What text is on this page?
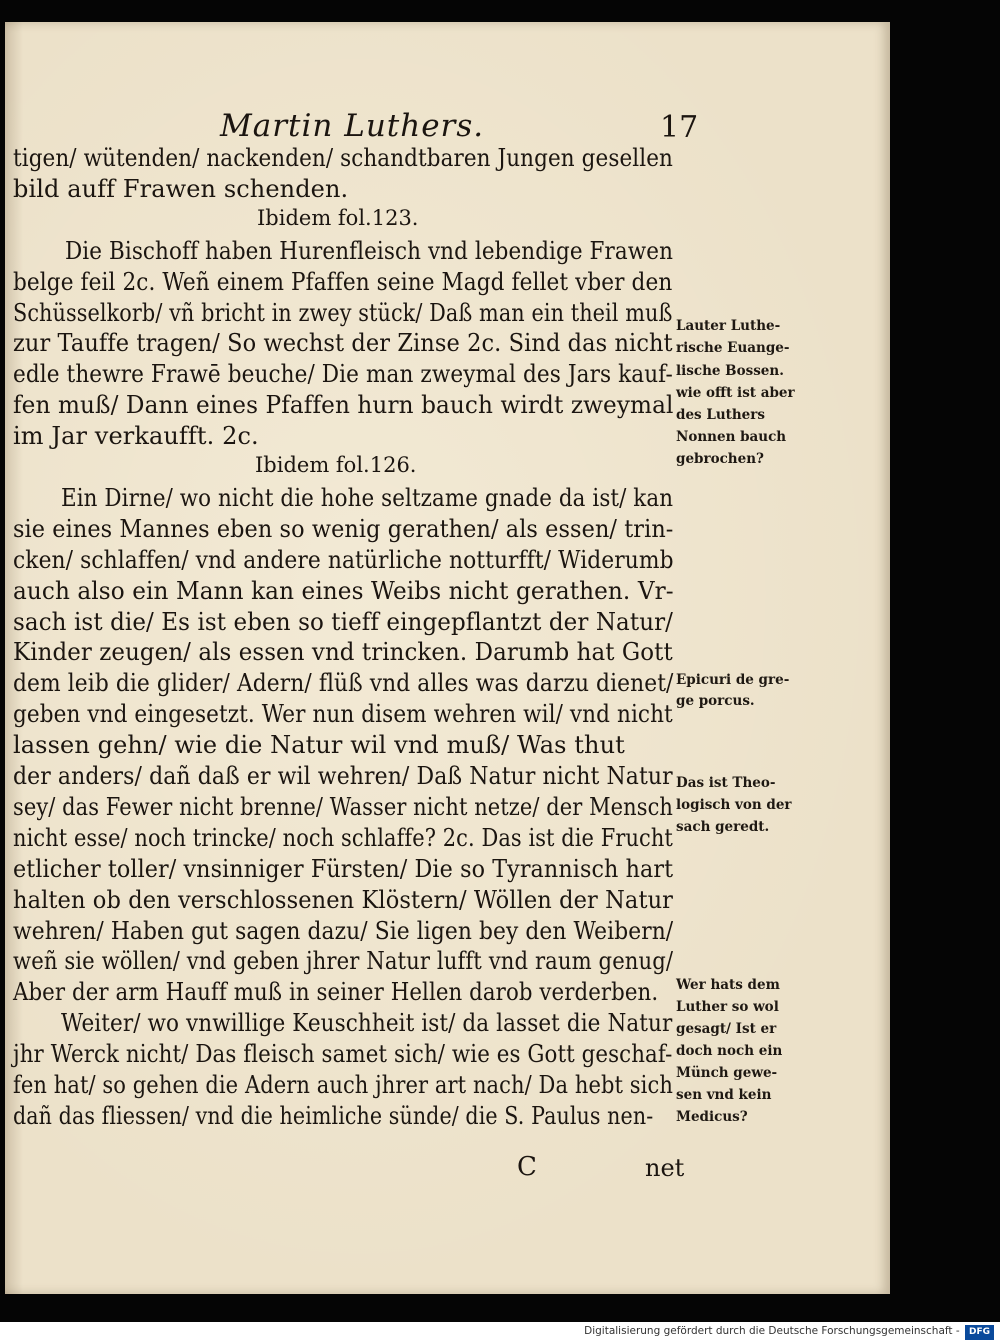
Martin Luthers.	17
tigen/ wütenden/ nackenden/ schandtbaren Jungen gesellen
bild auff Frawen schenden.
Ibidem fol.123.
Die Bischoff haben Hurenfleisch vnd lebendige Frawen
belge feil 2c. Weñ einem Pfaffen seine Magd fellet vber den
Schüsselkorb/ vñ bricht in zwey stück/ Daß man ein theil muß
zur Tauffe tragen/ So wechst der Zinse 2c. Sind das nicht
edle thewre Frawē beuche/ Die man zweymal des Jars kauf-
fen muß/ Dann eines Pfaffen hurn bauch wirdt zweymal
im Jar verkaufft. 2c.
Ibidem fol.126.
Ein Dirne/ wo nicht die hohe seltzame gnade da ist/ kan
sie eines Mannes eben so wenig gerathen/ als essen/ trin-
cken/ schlaffen/ vnd andere natürliche notturfft/ Widerumb
auch also ein Mann kan eines Weibs nicht gerathen. Vr-
sach ist die/ Es ist eben so tieff eingepflantzt der Natur/
Kinder zeugen/ als essen vnd trincken. Darumb hat Gott
dem leib die glider/ Adern/ flüß vnd alles was darzu dienet/
geben vnd eingesetzt. Wer nun disem wehren wil/ vnd nicht
lassen gehn/ wie die Natur wil vnd muß/ Was thut
der anders/ dañ daß er wil wehren/ Daß Natur nicht Natur
sey/ das Fewer nicht brenne/ Wasser nicht netze/ der Mensch
nicht esse/ noch trincke/ noch schlaffe? 2c. Das ist die Frucht
etlicher toller/ vnsinniger Fürsten/ Die so Tyrannisch hart
halten ob den verschlossenen Klöstern/ Wöllen der Natur
wehren/ Haben gut sagen dazu/ Sie ligen bey den Weibern/
weñ sie wöllen/ vnd geben jhrer Natur lufft vnd raum genug/
Aber der arm Hauff muß in seiner Hellen darob verderben.
Weiter/ wo vnwillige Keuschheit ist/ da lasset die Natur
jhr Werck nicht/ Das fleisch samet sich/ wie es Gott geschaf-
fen hat/ so gehen die Adern auch jhrer art nach/ Da hebt sich
dañ das fliessen/ vnd die heimliche sünde/ die S. Paulus nen-
Lauter Luthe-
rische Euange-
lische Bossen.
wie offt ist aber
des Luthers
Nonnen bauch
gebrochen?
Epicuri de gre-
ge porcus.
Das ist Theo-
logisch von der
sach geredt.
Wer hats dem
Luther so wol
gesagt/ Ist er
doch noch ein
Münch gewe-
sen vnd kein
Medicus?
C	net
Digitalisierung gefördert durch die Deutsche Forschungsgemeinschaft - DFG
